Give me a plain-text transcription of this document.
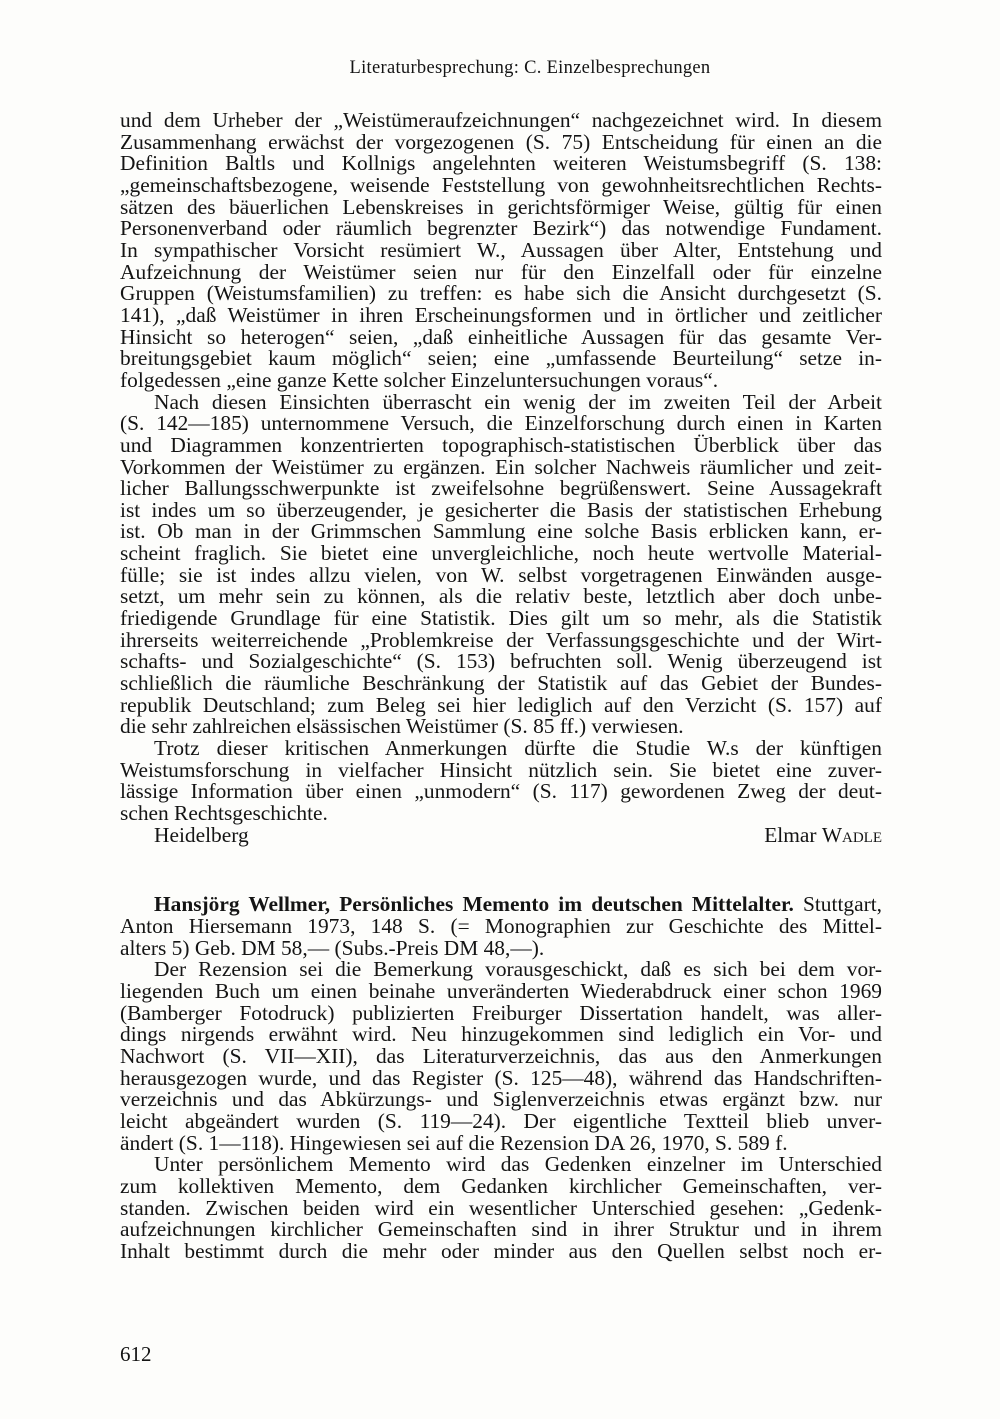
Literaturbesprechung: C. Einzelbesprechungen
und dem Urheber der „Weistümeraufzeichnungen“ nachgezeichnet wird. In diesem
Zusammenhang erwächst der vorgezogenen (S. 75) Entscheidung für einen an die
Definition Baltls und Kollnigs angelehnten weiteren Weistumsbegriff (S. 138:
„gemeinschaftsbezogene, weisende Feststellung von gewohnheitsrechtlichen Rechts-
sätzen des bäuerlichen Lebenskreises in gerichtsförmiger Weise, gültig für einen
Personenverband oder räumlich begrenzter Bezirk“) das notwendige Fundament.
In sympathischer Vorsicht resümiert W., Aussagen über Alter, Entstehung und
Aufzeichnung der Weistümer seien nur für den Einzelfall oder für einzelne
Gruppen (Weistumsfamilien) zu treffen: es habe sich die Ansicht durchgesetzt (S.
141), „daß Weistümer in ihren Erscheinungsformen und in örtlicher und zeitlicher
Hinsicht so heterogen“ seien, „daß einheitliche Aussagen für das gesamte Ver-
breitungsgebiet kaum möglich“ seien; eine „umfassende Beurteilung“ setze in-
folgedessen „eine ganze Kette solcher Einzeluntersuchungen voraus“.
Nach diesen Einsichten überrascht ein wenig der im zweiten Teil der Arbeit
(S. 142—185) unternommene Versuch, die Einzelforschung durch einen in Karten
und Diagrammen konzentrierten topographisch-statistischen Überblick über das
Vorkommen der Weistümer zu ergänzen. Ein solcher Nachweis räumlicher und zeit-
licher Ballungsschwerpunkte ist zweifelsohne begrüßenswert. Seine Aussagekraft
ist indes um so überzeugender, je gesicherter die Basis der statistischen Erhebung
ist. Ob man in der Grimmschen Sammlung eine solche Basis erblicken kann, er-
scheint fraglich. Sie bietet eine unvergleichliche, noch heute wertvolle Material-
fülle; sie ist indes allzu vielen, von W. selbst vorgetragenen Einwänden ausge-
setzt, um mehr sein zu können, als die relativ beste, letztlich aber doch unbe-
friedigende Grundlage für eine Statistik. Dies gilt um so mehr, als die Statistik
ihrerseits weiterreichende „Problemkreise der Verfassungsgeschichte und der Wirt-
schafts- und Sozialgeschichte“ (S. 153) befruchten soll. Wenig überzeugend ist
schließlich die räumliche Beschränkung der Statistik auf das Gebiet der Bundes-
republik Deutschland; zum Beleg sei hier lediglich auf den Verzicht (S. 157) auf
die sehr zahlreichen elsässischen Weistümer (S. 85 ff.) verwiesen.
Trotz dieser kritischen Anmerkungen dürfte die Studie W.s der künftigen
Weistumsforschung in vielfacher Hinsicht nützlich sein. Sie bietet eine zuver-
lässige Information über einen „unmodern“ (S. 117) gewordenen Zweg der deut-
schen Rechtsgeschichte.
Heidelberg	Elmar Wadle
Hansjörg Wellmer, Persönliches Memento im deutschen Mittelalter. Stuttgart,
Anton Hiersemann 1973, 148 S. (= Monographien zur Geschichte des Mittel-
alters 5) Geb. DM 58,— (Subs.-Preis DM 48,—).
Der Rezension sei die Bemerkung vorausgeschickt, daß es sich bei dem vor-
liegenden Buch um einen beinahe unveränderten Wiederabdruck einer schon 1969
(Bamberger Fotodruck) publizierten Freiburger Dissertation handelt, was aller-
dings nirgends erwähnt wird. Neu hinzugekommen sind lediglich ein Vor- und
Nachwort (S. VII—XII), das Literaturverzeichnis, das aus den Anmerkungen
herausgezogen wurde, und das Register (S. 125—48), während das Handschriften-
verzeichnis und das Abkürzungs- und Siglenverzeichnis etwas ergänzt bzw. nur
leicht abgeändert wurden (S. 119—24). Der eigentliche Textteil blieb unver-
ändert (S. 1—118). Hingewiesen sei auf die Rezension DA 26, 1970, S. 589 f.
Unter persönlichem Memento wird das Gedenken einzelner im Unterschied
zum kollektiven Memento, dem Gedanken kirchlicher Gemeinschaften, ver-
standen. Zwischen beiden wird ein wesentlicher Unterschied gesehen: „Gedenk-
aufzeichnungen kirchlicher Gemeinschaften sind in ihrer Struktur und in ihrem
Inhalt bestimmt durch die mehr oder minder aus den Quellen selbst noch er-
612
